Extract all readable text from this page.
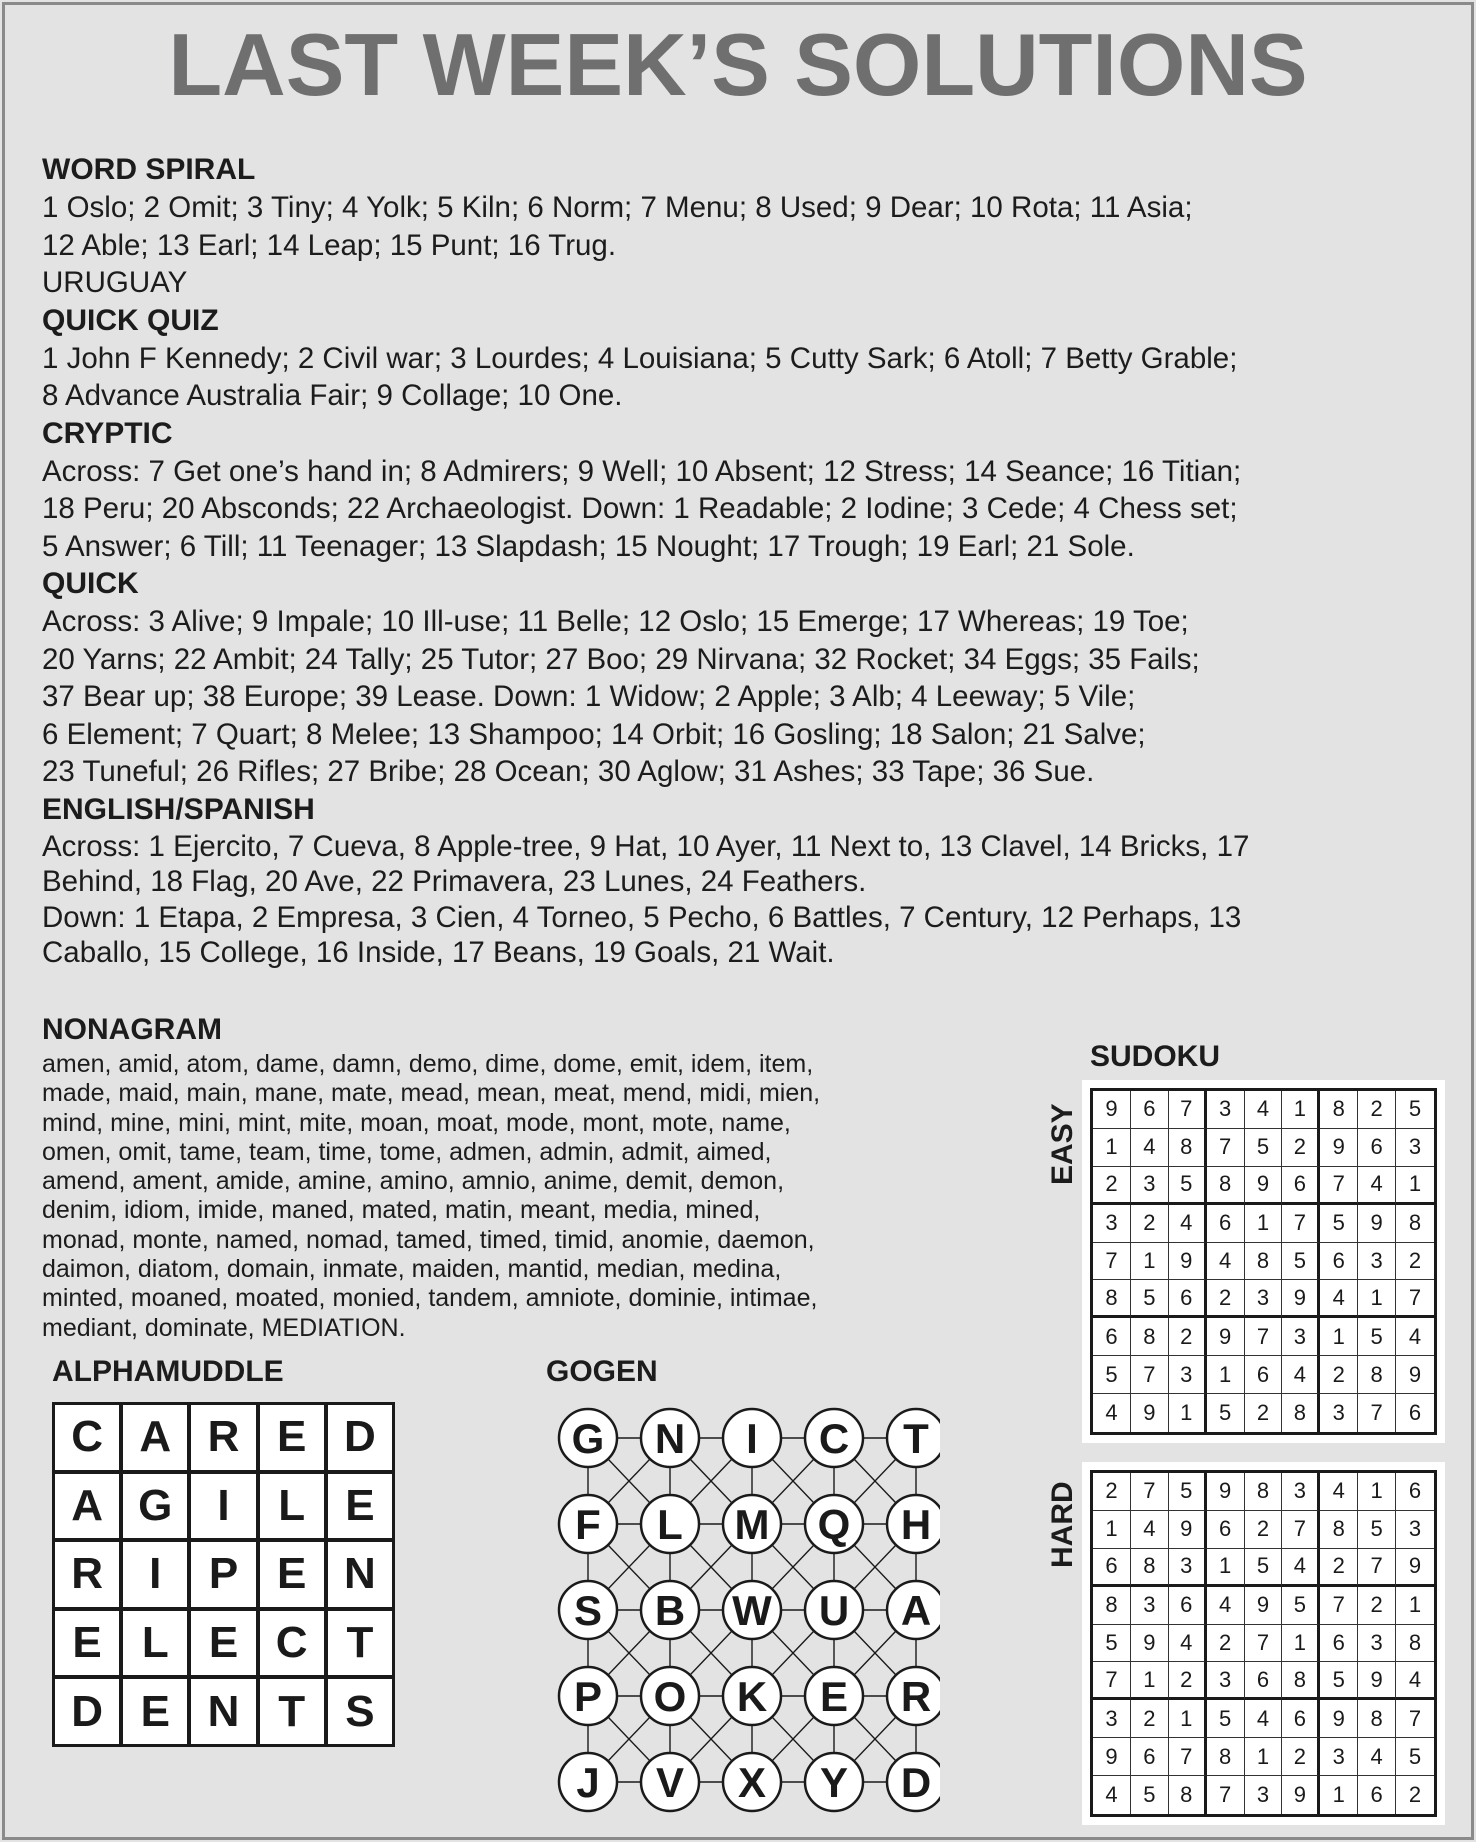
LAST WEEK’S SOLUTIONS
WORD SPIRAL
1 Oslo; 2 Omit; 3 Tiny; 4 Yolk; 5 Kiln; 6 Norm; 7 Menu; 8 Used; 9 Dear; 10 Rota; 11 Asia;
12 Able; 13 Earl; 14 Leap; 15 Punt; 16 Trug.
URUGUAY
QUICK QUIZ
1 John F Kennedy; 2 Civil war; 3 Lourdes; 4 Louisiana; 5 Cutty Sark; 6 Atoll; 7 Betty Grable;
8 Advance Australia Fair; 9 Collage; 10 One.
CRYPTIC
Across: 7 Get one’s hand in; 8 Admirers; 9 Well; 10 Absent; 12 Stress; 14 Seance; 16 Titian;
18 Peru; 20 Absconds; 22 Archaeologist. Down: 1 Readable; 2 Iodine; 3 Cede; 4 Chess set;
5 Answer; 6 Till; 11 Teenager; 13 Slapdash; 15 Nought; 17 Trough; 19 Earl; 21 Sole.
QUICK
Across: 3 Alive; 9 Impale; 10 Ill-use; 11 Belle; 12 Oslo; 15 Emerge; 17 Whereas; 19 Toe;
20 Yarns; 22 Ambit; 24 Tally; 25 Tutor; 27 Boo; 29 Nirvana; 32 Rocket; 34 Eggs; 35 Fails;
37 Bear up; 38 Europe; 39 Lease. Down: 1 Widow; 2 Apple; 3 Alb; 4 Leeway; 5 Vile;
6 Element; 7 Quart; 8 Melee; 13 Shampoo; 14 Orbit; 16 Gosling; 18 Salon; 21 Salve;
23 Tuneful; 26 Rifles; 27 Bribe; 28 Ocean; 30 Aglow; 31 Ashes; 33 Tape; 36 Sue.
ENGLISH/SPANISH
Across: 1 Ejercito, 7 Cueva, 8 Apple-tree, 9 Hat, 10 Ayer, 11 Next to, 13 Clavel, 14 Bricks, 17
Behind, 18 Flag, 20 Ave, 22 Primavera, 23 Lunes, 24 Feathers.
Down: 1 Etapa, 2 Empresa, 3 Cien, 4 Torneo, 5 Pecho, 6 Battles, 7 Century, 12 Perhaps, 13
Caballo, 15 College, 16 Inside, 17 Beans, 19 Goals, 21 Wait.
NONAGRAM
amen, amid, atom, dame, damn, demo, dime, dome, emit, idem, item,
made, maid, main, mane, mate, mead, mean, meat, mend, midi, mien,
mind, mine, mini, mint, mite, moan, moat, mode, mont, mote, name,
omen, omit, tame, team, time, tome, admen, admin, admit, aimed,
amend, ament, amide, amine, amino, amnio, anime, demit, demon,
denim, idiom, imide, maned, mated, matin, meant, media, mined,
monad, monte, named, nomad, tamed, timed, timid, anomie, daemon,
daimon, diatom, domain, inmate, maiden, mantid, median, medina,
minted, moaned, moated, monied, tandem, amniote, dominie, intimae,
mediant, dominate, MEDIATION.
ALPHAMUDDLE
C A R E D
A G	I	L E
R	I	P E N
E L E C T
D E N T S
GOGEN
G N I C T
F L M Q H
S B W U A
P O K E R
J V X Y D
SUDOKU
EASY	9	6	7	3	4	1	8	2	5
1	4	8	7	5	2	9	6	3
2	3	5	8	9	6	7	4	1
3	2	4	6	1	7	5	9	8
7	1	9	4	8	5	6	3	2
8	5	6	2	3	9	4	1	7
6	8	2	9	7	3	1	5	4
5	7	3	1	6	4	2	8	9
4	9	1	5	2	8	3	7	6
HARD	2	7	5	9	8	3	4	1	6
1	4	9	6	2	7	8	5	3
6	8	3	1	5	4	2	7	9
8	3	6	4	9	5	7	2	1
5	9	4	2	7	1	6	3	8
7	1	2	3	6	8	5	9	4
3	2	1	5	4	6	9	8	7
9	6	7	8	1	2	3	4	5
4	5	8	7	3	9	1	6	2
